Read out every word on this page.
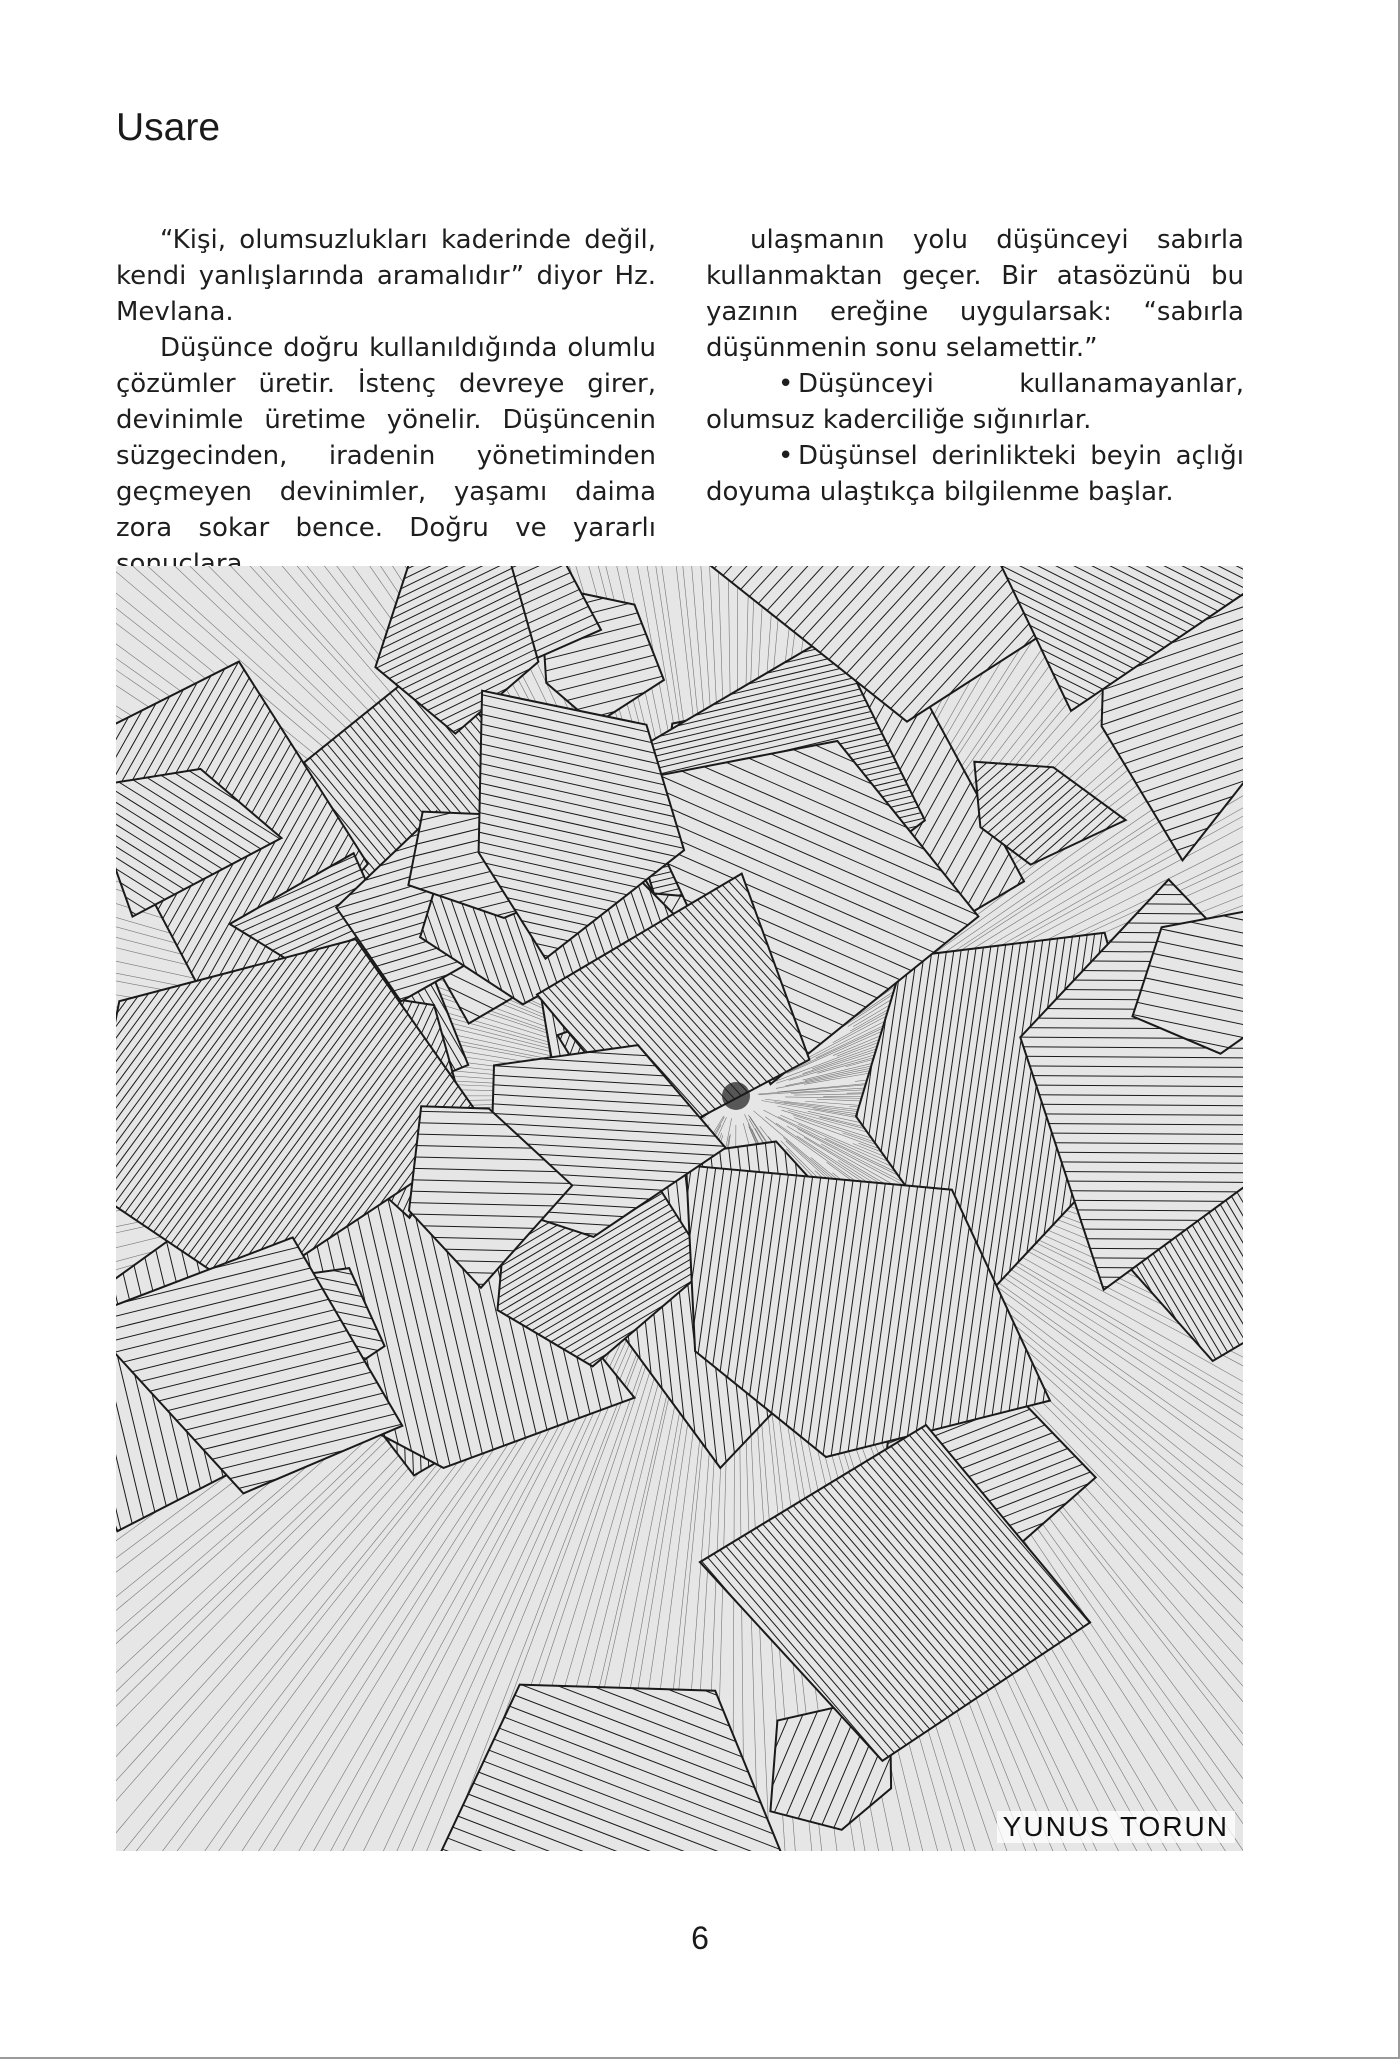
Usare

“Kişi, olumsuzlukları kaderinde değil, kendi yanlışlarında aramalıdır” diyor Hz. Mevlana.

Düşünce doğru kullanıldığında olumlu çözümler üretir. İstenç devreye girer, devinimle üretime yönelir. Düşüncenin süzgecinden, iradenin yönetiminden geçmeyen devinimler, yaşamı daima zora sokar bence. Doğru ve yararlı sonuçlara

ulaşmanın yolu düşünceyi sabırla kullanmaktan geçer. Bir atasözünü bu yazının ereğine uygularsak: “sabırla düşünmenin sonu selamettir.”

• Düşünceyi kullanamayanlar, olumsuz kaderciliğe sığınırlar.

• Düşünsel derinlikteki beyin açlığı doyuma ulaştıkça bilgilenme başlar.

YUNUS TORUN
6
